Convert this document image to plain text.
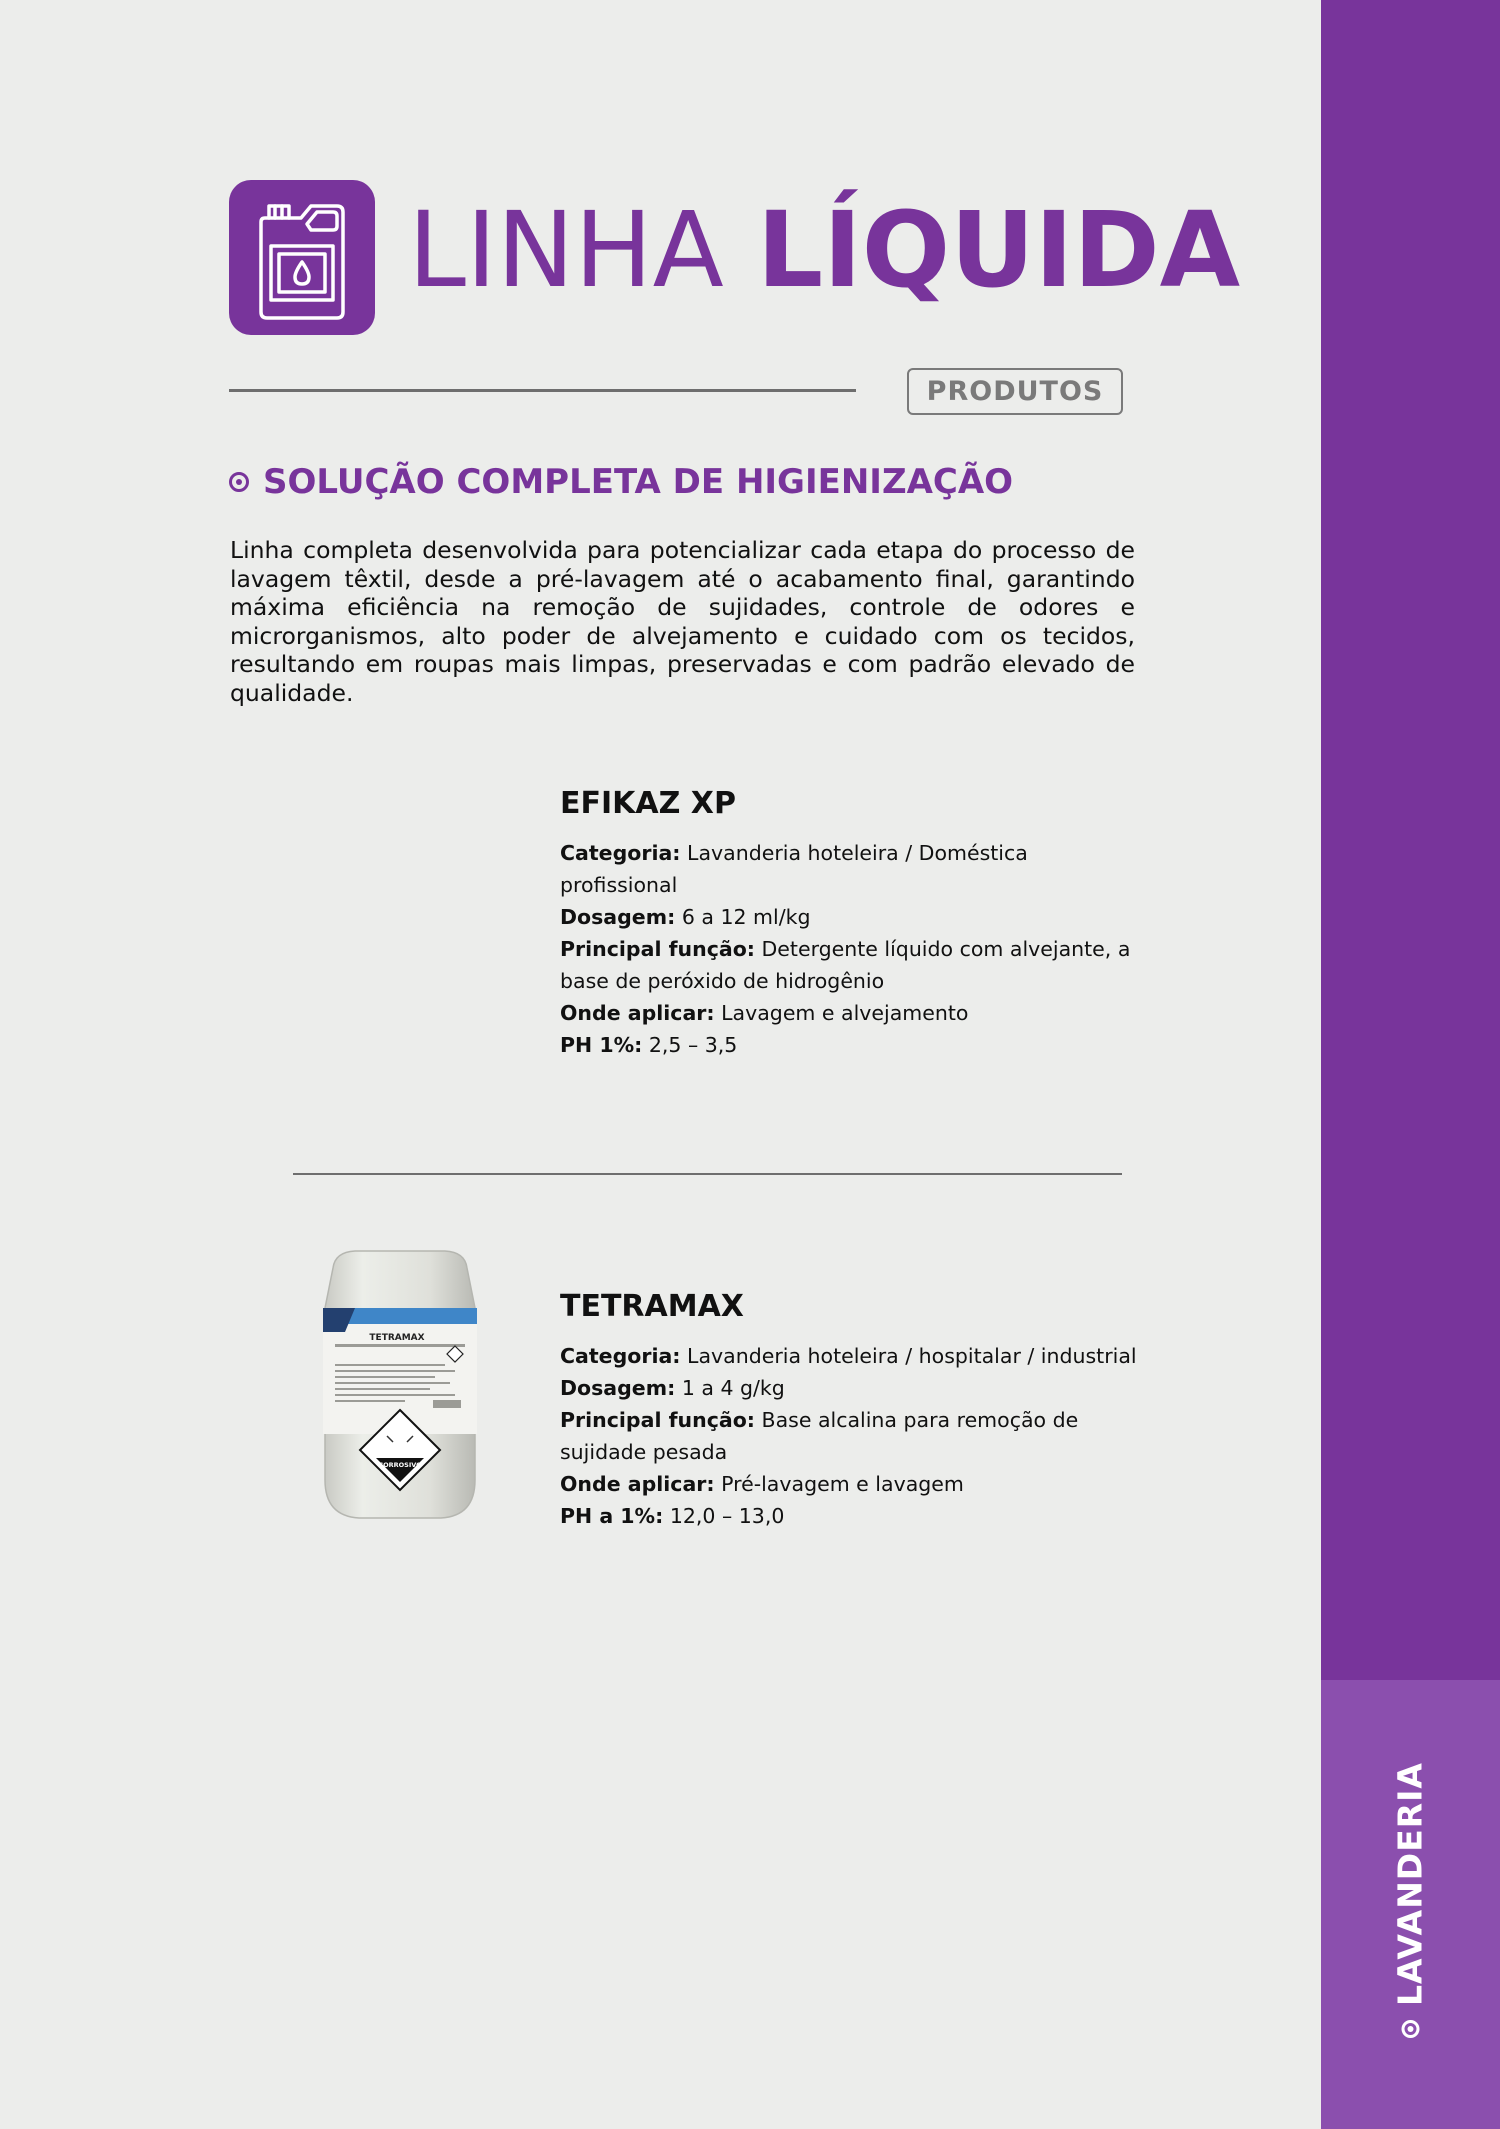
LAVANDERIA
LINHA LÍQUIDA
PRODUTOS
SOLUÇÃO COMPLETA DE HIGIENIZAÇÃO

Linha completa desenvolvida para potencializar cada etapa do processo de lavagem têxtil, desde a pré-lavagem até o acabamento final, garantindo máxima eficiência na remoção de sujidades, controle de odores e microrganismos, alto poder de alvejamento e cuidado com os tecidos, resultando em roupas mais limpas, preservadas e com padrão elevado de qualidade.

EFIKAZ XP
Categoria: Lavanderia hoteleira / Doméstica profissional
Dosagem: 6 a 12 ml/kg
Principal função: Detergente líquido com alvejante, a base de peróxido de hidrogênio
Onde aplicar: Lavagem e alvejamento
PH 1%: 2,5 – 3,5
TETRAMAX
CORROSIVO
TETRAMAX
Categoria: Lavanderia hoteleira / hospitalar / industrial
Dosagem: 1 a 4 g/kg
Principal função: Base alcalina para remoção de sujidade pesada
Onde aplicar: Pré-lavagem e lavagem
PH a 1%: 12,0 – 13,0
